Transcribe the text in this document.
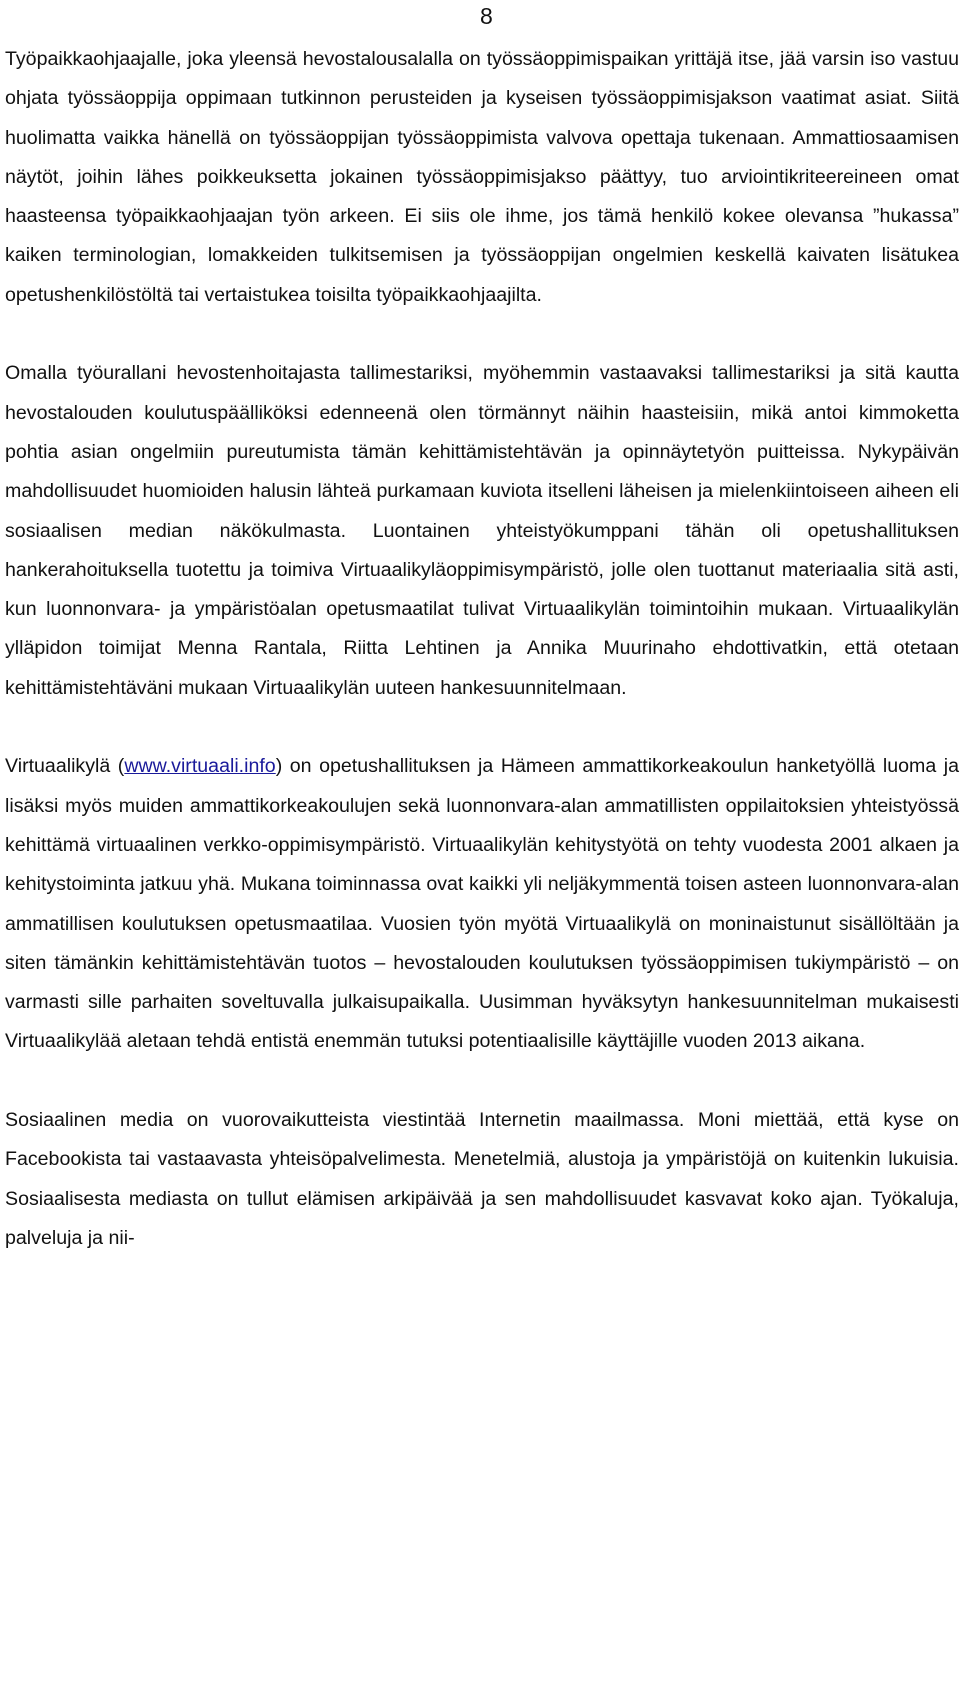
8

Työpaikkaohjaajalle, joka yleensä hevostalousalalla on työssäoppimispaikan yrittäjä itse, jää varsin iso vastuu ohjata työssäoppija oppimaan tutkinnon perusteiden ja kyseisen työssäoppimisjakson vaatimat asiat. Siitä huolimatta vaikka hänellä on työssäoppijan työssäoppimista valvova opettaja tukenaan. Ammattiosaamisen näytöt, joihin lähes poikkeuksetta jokainen työssäoppimisjakso päättyy, tuo arviointikriteereineen omat haasteensa työpaikkaohjaajan työn arkeen. Ei siis ole ihme, jos tämä henkilö kokee olevansa ”hukassa” kaiken terminologian, lomakkeiden tulkitsemisen ja työssäoppijan ongelmien keskellä kaivaten lisätukea opetushenkilöstöltä tai vertaistukea toisilta työpaikkaohjaajilta.

Omalla työurallani hevostenhoitajasta tallimestariksi, myöhemmin vastaavaksi tallimestariksi ja sitä kautta hevostalouden koulutuspäälliköksi edenneenä olen törmännyt näihin haasteisiin, mikä antoi kimmoketta pohtia asian ongelmiin pureutumista tämän kehittämistehtävän ja opinnäytetyön puitteissa. Nykypäivän mahdollisuudet huomioiden halusin lähteä purkamaan kuviota itselleni läheisen ja mielenkiintoiseen aiheen eli sosiaalisen median näkökulmasta. Luontainen yhteistyökumppani tähän oli opetushallituksen hankerahoituksella tuotettu ja toimiva Virtuaalikyläoppimisympäristö, jolle olen tuottanut materiaalia sitä asti, kun luonnonvara- ja ympäristöalan opetusmaatilat tulivat Virtuaalikylän toimintoihin mukaan. Virtuaalikylän ylläpidon toimijat Menna Rantala, Riitta Lehtinen ja Annika Muurinaho ehdottivatkin, että otetaan kehittämistehtäväni mukaan Virtuaalikylän uuteen hankesuunnitelmaan.

Virtuaalikylä (www.virtuaali.info) on opetushallituksen ja Hämeen ammattikorkeakoulun hanketyöllä luoma ja lisäksi myös muiden ammattikorkeakoulujen sekä luonnonvara-alan ammatillisten oppilaitoksien yhteistyössä kehittämä virtuaalinen verkko-oppimisympäristö. Virtuaalikylän kehitystyötä on tehty vuodesta 2001 alkaen ja kehitystoiminta jatkuu yhä. Mukana toiminnassa ovat kaikki yli neljäkymmentä toisen asteen luonnonvara-alan ammatillisen koulutuksen opetusmaatilaa. Vuosien työn myötä Virtuaalikylä on moninaistunut sisällöltään ja siten tämänkin kehittämistehtävän tuotos – hevostalouden koulutuksen työssäoppimisen tukiympäristö – on varmasti sille parhaiten soveltuvalla julkaisupaikalla. Uusimman hyväksytyn hankesuunnitelman mukaisesti Virtuaalikylää aletaan tehdä entistä enemmän tutuksi potentiaalisille käyttäjille vuoden 2013 aikana.

Sosiaalinen media on vuorovaikutteista viestintää Internetin maailmassa. Moni miettää, että kyse on Facebookista tai vastaavasta yhteisöpalvelimesta. Menetelmiä, alustoja ja ympäristöjä on kuitenkin lukuisia. Sosiaalisesta mediasta on tullut elämisen arkipäivää ja sen mahdollisuudet kasvavat koko ajan. Työkaluja, palveluja ja nii-
